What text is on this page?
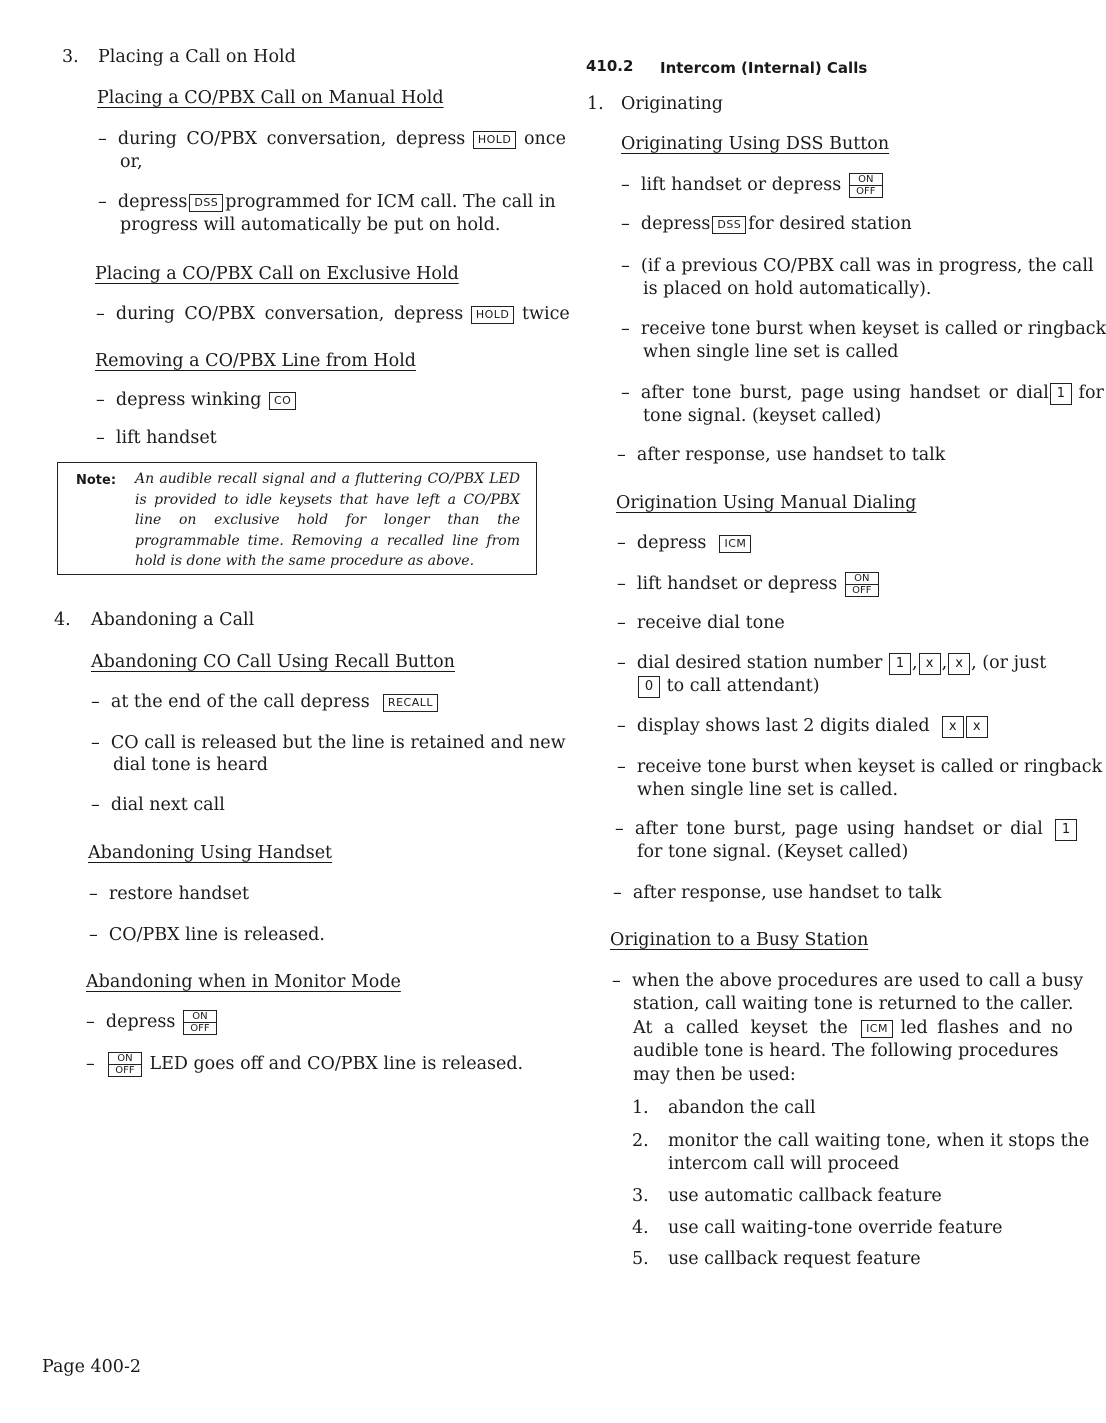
3. Placing a Call on Hold
Placing a CO/PBX Call on Manual Hold
– during CO/PBX conversation, depress HOLD once
or,
– depress DSS programmed for ICM call. The call in
progress will automatically be put on hold.
Placing a CO/PBX Call on Exclusive Hold
– during CO/PBX conversation, depress HOLD twice
Removing a CO/PBX Line from Hold
– depress winking CO
– lift handset
Note: An audible recall signal and a fluttering CO/PBX LED is provided to idle keysets that have left a CO/PBX line on exclusive hold for longer than the programmable time. Removing a recalled line from hold is done with the same procedure as above.
4. Abandoning a Call
Abandoning CO Call Using Recall Button
– at the end of the call depress RECALL
– CO call is released but the line is retained and new
dial tone is heard
– dial next call
Abandoning Using Handset
– restore handset
– CO/PBX line is released.
Abandoning when in Monitor Mode
– depress	ON
OFF
–	ON
OFF LED goes off and CO/PBX line is released.
Page 400-2
410.2 Intercom (Internal) Calls
1. Originating
Originating Using DSS Button
– lift handset or depress	ON
OFF
– depress DSS for desired station
– (if a previous CO/PBX call was in progress, the call
is placed on hold automatically).
– receive tone burst when keyset is called or ringback
when single line set is called
– after tone burst, page using handset or dial 1 for
tone signal. (keyset called)
– after response, use handset to talk
Origination Using Manual Dialing
– depress ICM
– lift handset or depress	ON
OFF
– receive dial tone
– dial desired station number 1 , x , x , (or just
0 to call attendant)
– display shows last 2 digits dialed x x
– receive tone burst when keyset is called or ringback
when single line set is called.
– after tone burst, page using handset or dial 1
for tone signal. (Keyset called)
– after response, use handset to talk
Origination to a Busy Station
– when the above procedures are used to call a busy
station, call waiting tone is returned to the caller.
At a called keyset the ICM led flashes and no
audible tone is heard. The following procedures
may then be used:
1. abandon the call
2. monitor the call waiting tone, when it stops the
intercom call will proceed
3. use automatic callback feature
4. use call waiting-tone override feature
5. use callback request feature
